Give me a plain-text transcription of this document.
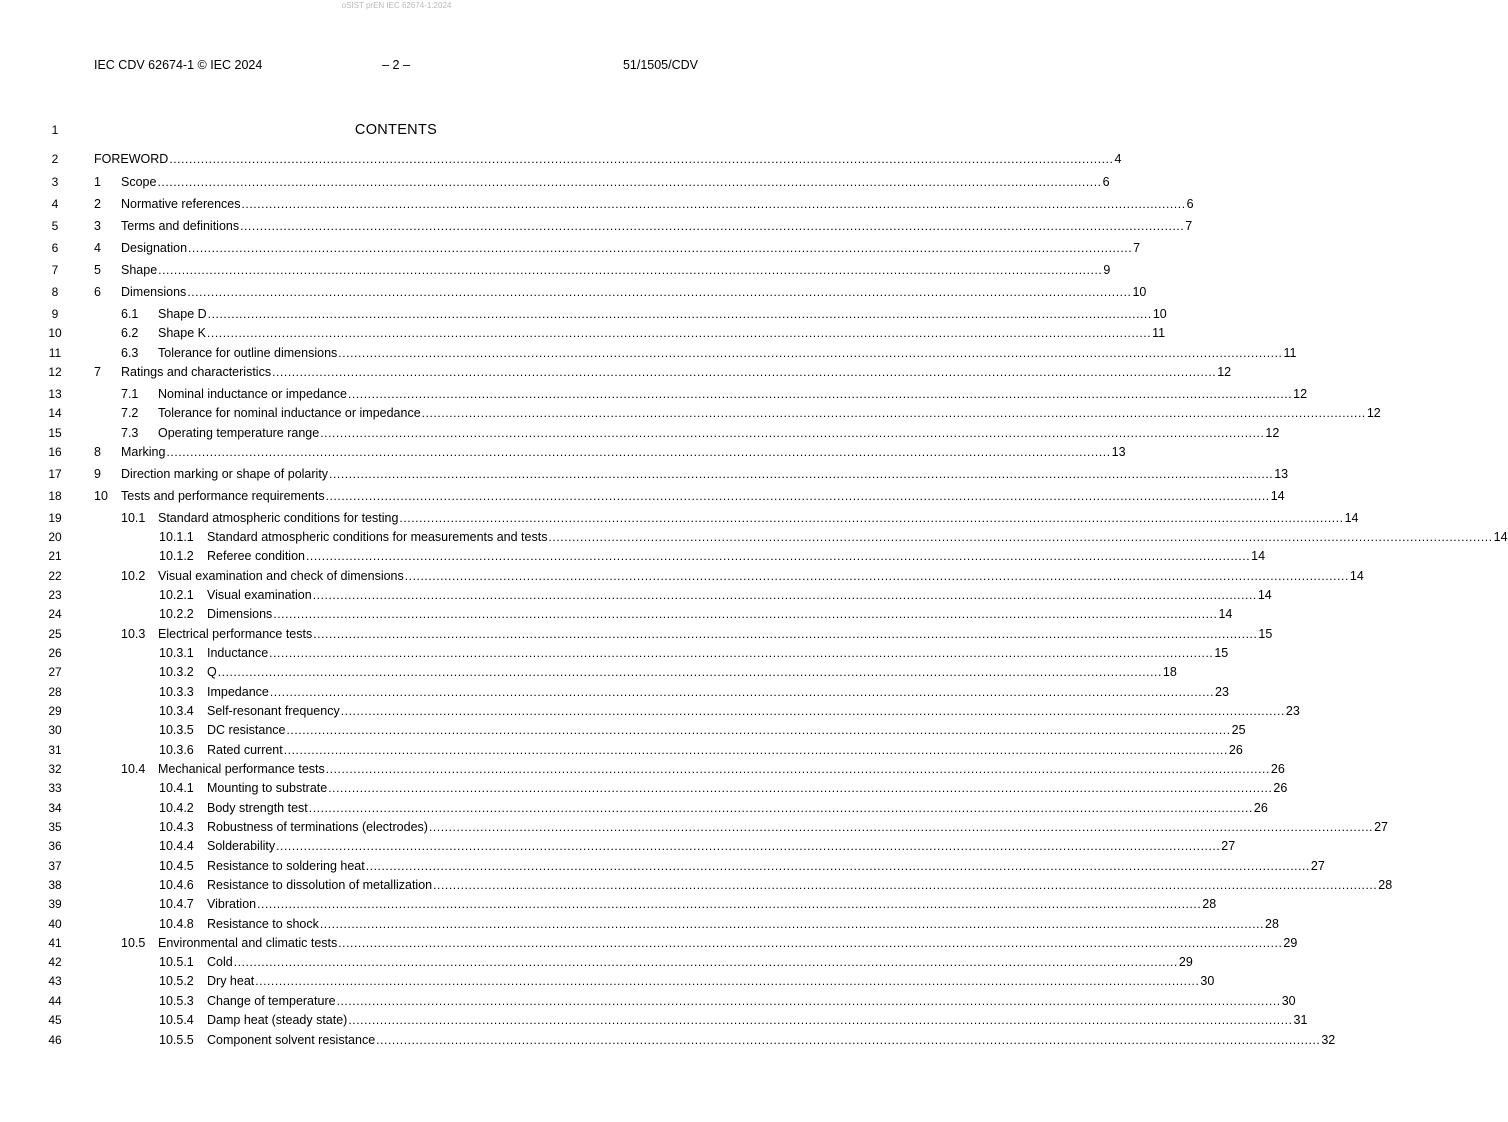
oSIST prEN IEC 62674-1:2024
IEC CDV 62674-1 © IEC 2024	– 2 –	51/1505/CDV
1	CONTENTS
2	FOREWORD ................................................................................................................................................................................................................................................ 4
3	1	Scope ................................................................................................................................................................................................................................................ 6
4	2	Normative references ................................................................................................................................................................................................................................................ 6
5	3	Terms and definitions ................................................................................................................................................................................................................................................ 7
6	4	Designation ................................................................................................................................................................................................................................................ 7
7	5	Shape ................................................................................................................................................................................................................................................ 9
8	6	Dimensions ................................................................................................................................................................................................................................................ 10
9	6.1	Shape D ................................................................................................................................................................................................................................................ 10
10	6.2	Shape K ................................................................................................................................................................................................................................................ 11
11	6.3	Tolerance for outline dimensions ................................................................................................................................................................................................................................................ 11
12	7	Ratings and characteristics ................................................................................................................................................................................................................................................ 12
13	7.1	Nominal inductance or impedance ................................................................................................................................................................................................................................................ 12
14	7.2	Tolerance for nominal inductance or impedance ................................................................................................................................................................................................................................................ 12
15	7.3	Operating temperature range ................................................................................................................................................................................................................................................ 12
16	8	Marking ................................................................................................................................................................................................................................................ 13
17	9	Direction marking or shape of polarity ................................................................................................................................................................................................................................................ 13
18	10	Tests and performance requirements ................................................................................................................................................................................................................................................ 14
19	10.1	Standard atmospheric conditions for testing ................................................................................................................................................................................................................................................ 14
20	10.1.1	Standard atmospheric conditions for measurements and tests ................................................................................................................................................................................................................................................ 14
21	10.1.2	Referee condition ................................................................................................................................................................................................................................................ 14
22	10.2	Visual examination and check of dimensions ................................................................................................................................................................................................................................................ 14
23	10.2.1	Visual examination ................................................................................................................................................................................................................................................ 14
24	10.2.2	Dimensions ................................................................................................................................................................................................................................................ 14
25	10.3	Electrical performance tests ................................................................................................................................................................................................................................................ 15
26	10.3.1	Inductance ................................................................................................................................................................................................................................................ 15
27	10.3.2	Q ................................................................................................................................................................................................................................................ 18
28	10.3.3	Impedance ................................................................................................................................................................................................................................................ 23
29	10.3.4	Self-resonant frequency ................................................................................................................................................................................................................................................ 23
30	10.3.5	DC resistance ................................................................................................................................................................................................................................................ 25
31	10.3.6	Rated current ................................................................................................................................................................................................................................................ 26
32	10.4	Mechanical performance tests ................................................................................................................................................................................................................................................ 26
33	10.4.1	Mounting to substrate ................................................................................................................................................................................................................................................ 26
34	10.4.2	Body strength test ................................................................................................................................................................................................................................................ 26
35	10.4.3	Robustness of terminations (electrodes) ................................................................................................................................................................................................................................................ 27
36	10.4.4	Solderability ................................................................................................................................................................................................................................................ 27
37	10.4.5	Resistance to soldering heat ................................................................................................................................................................................................................................................ 27
38	10.4.6	Resistance to dissolution of metallization ................................................................................................................................................................................................................................................ 28
39	10.4.7	Vibration ................................................................................................................................................................................................................................................ 28
40	10.4.8	Resistance to shock ................................................................................................................................................................................................................................................ 28
41	10.5	Environmental and climatic tests ................................................................................................................................................................................................................................................ 29
42	10.5.1	Cold ................................................................................................................................................................................................................................................ 29
43	10.5.2	Dry heat ................................................................................................................................................................................................................................................ 30
44	10.5.3	Change of temperature ................................................................................................................................................................................................................................................ 30
45	10.5.4	Damp heat (steady state) ................................................................................................................................................................................................................................................ 31
46	10.5.5	Component solvent resistance ................................................................................................................................................................................................................................................ 32
